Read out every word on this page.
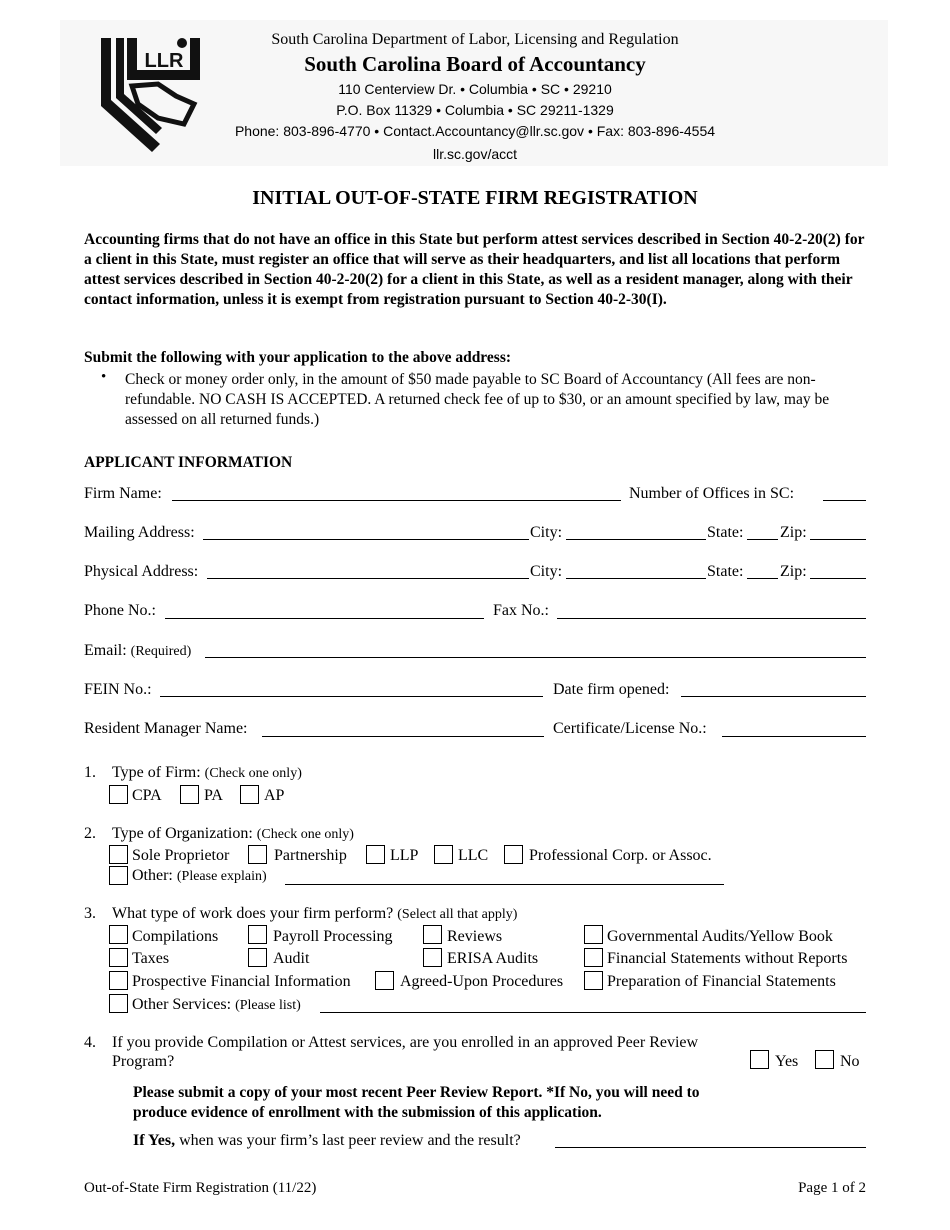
LLR
South Carolina Department of Labor, Licensing and Regulation
South Carolina Board of Accountancy
110 Centerview Dr. • Columbia • SC • 29210
P.O. Box 11329 • Columbia • SC 29211-1329
Phone: 803-896-4770 • Contact.Accountancy@llr.sc.gov • Fax: 803-896-4554
llr.sc.gov/acct
INITIAL OUT-OF-STATE FIRM REGISTRATION
Accounting firms that do not have an office in this State but perform attest services described in Section 40-2-20(2) for a client in this State, must register an office that will serve as their headquarters, and list all locations that perform attest services described in Section 40-2-20(2) for a client in this State, as well as a resident manager, along with their contact information, unless it is exempt from registration pursuant to Section 40-2-30(I).
Submit the following with your application to the above address:
• Check or money order only, in the amount of $50 made payable to SC Board of Accountancy (All fees are non-refundable. NO CASH IS ACCEPTED. A returned check fee of up to $30, or an amount specified by law, may be assessed on all returned funds.)
APPLICANT INFORMATION
Firm Name:	Number of Offices in SC:
Mailing Address:	City:	State: Zip:
Physical Address:	City:	State: Zip:
Phone No.:	Fax No.:
Email: (Required)
FEIN No.:	Date firm opened:
Resident Manager Name:	Certificate/License No.:
1. Type of Firm: (Check one only)
CPA	PA	AP
2. Type of Organization: (Check one only)
Sole Proprietor	Partnership	LLP LLC	Professional Corp. or Assoc.
Other: (Please explain)
3. What type of work does your firm perform? (Select all that apply)
Compilations	Payroll Processing	Reviews	Governmental Audits/Yellow Book
Taxes	Audit	ERISA Audits	Financial Statements without Reports
Prospective Financial Information	Agreed-Upon Procedures	Preparation of Financial Statements
Other Services: (Please list)
4. If you provide Compilation or Attest services, are you enrolled in an approved Peer Review
Program?	Yes	No
Please submit a copy of your most recent Peer Review Report. *If No, you will need to produce evidence of enrollment with the submission of this application.
If Yes, when was your firm’s last peer review and the result?
Out-of-State Firm Registration (11/22)	Page 1 of 2
